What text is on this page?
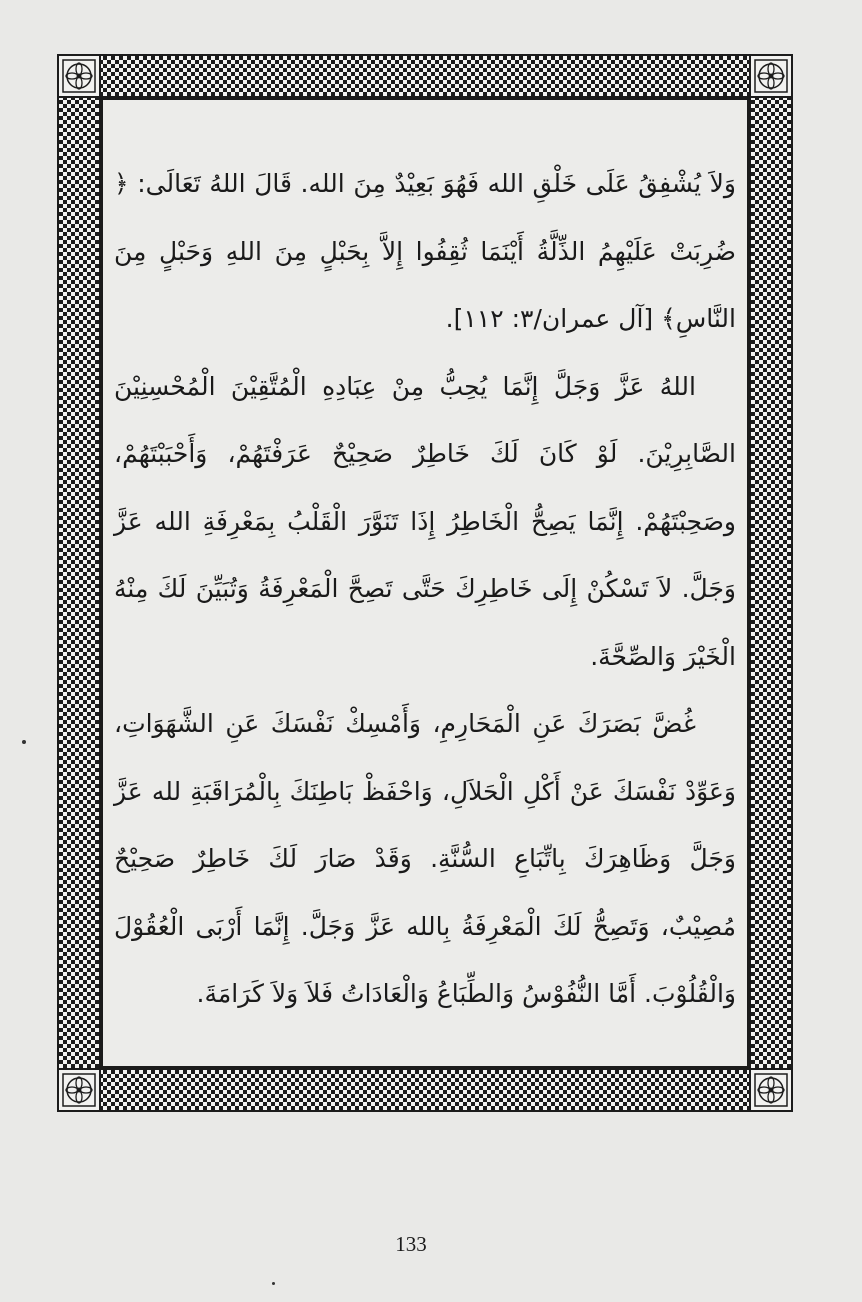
وَلاَ يُشْفِقُ عَلَى خَلْقِ الله فَهُوَ بَعِيْدٌ مِنَ الله. قَالَ اللهُ تَعَالَى: ﴿ ضُرِبَتْ عَلَيْهِمُ الذِّلَّةُ أَيْنَمَا ثُقِفُوا إِلاَّ بِحَبْلٍ مِنَ اللهِ وَحَبْلٍ مِنَ النَّاسِ﴾ [آل عمران/٣: ١١٢].

اللهُ عَزَّ وَجَلَّ إِنَّمَا يُحِبُّ مِنْ عِبَادِهِ الْمُتَّقِيْنَ الْمُحْسِنِيْنَ الصَّابِرِيْنَ. لَوْ كَانَ لَكَ خَاطِرٌ صَحِيْحٌ عَرَفْتَهُمْ، وَأَحْبَبْتَهُمْ، وصَحِبْتَهُمْ. إِنَّمَا يَصِحُّ الْخَاطِرُ إِذَا تَنَوَّرَ الْقَلْبُ بِمَعْرِفَةِ الله عَزَّ وَجَلَّ. لاَ تَسْكُنْ إِلَى خَاطِرِكَ حَتَّى تَصِحَّ الْمَعْرِفَةُ وَتُبَيِّنَ لَكَ مِنْهُ الْخَيْرَ وَالصِّحَّةَ.

غُضَّ بَصَرَكَ عَنِ الْمَحَارِمِ، وَأَمْسِكْ نَفْسَكَ عَنِ الشَّهَوَاتِ، وَعَوِّدْ نَفْسَكَ عَنْ أَكْلِ الْحَلاَلِ، وَاحْفَظْ بَاطِنَكَ بِالْمُرَاقَبَةِ لله عَزَّ وَجَلَّ وَظَاهِرَكَ بِاتِّبَاعِ السُّنَّةِ. وَقَدْ صَارَ لَكَ خَاطِرٌ صَحِيْحٌ مُصِيْبٌ، وَتَصِحُّ لَكَ الْمَعْرِفَةُ بِالله عَزَّ وَجَلَّ. إِنَّمَا أَرْبَى الْعُقُوْلَ وَالْقُلُوْبَ. أَمَّا النُّفُوْسُ وَالطِّبَاعُ وَالْعَادَاتُ فَلاَ وَلاَ كَرَامَةَ.

133
